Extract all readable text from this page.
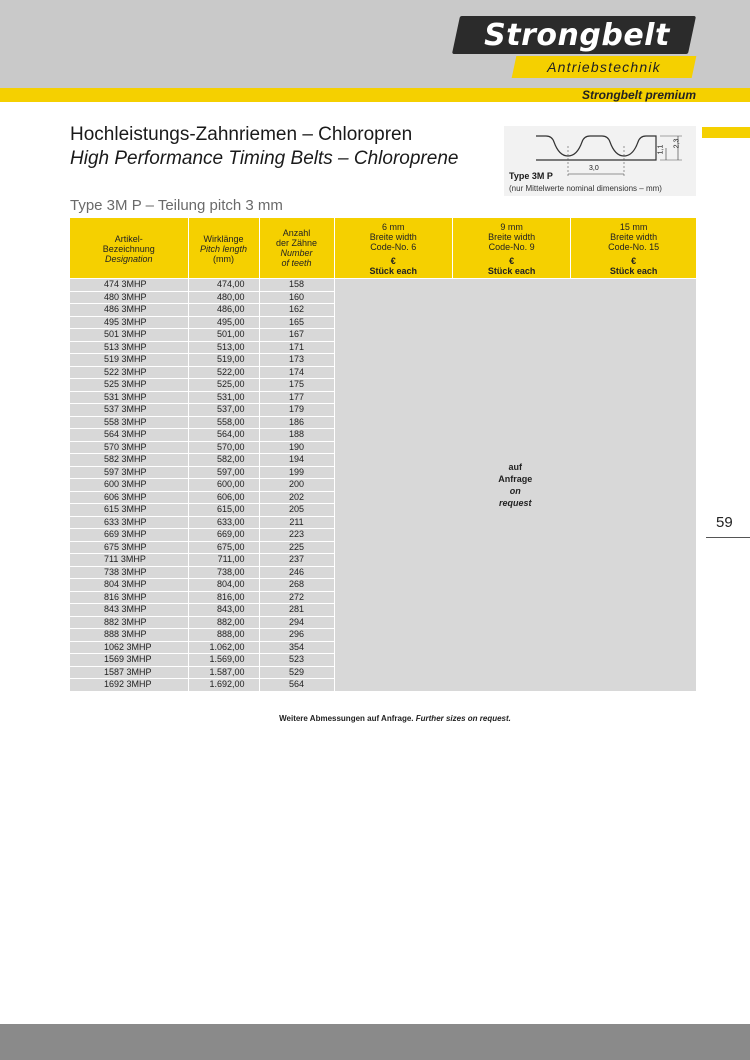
Strongbelt
Antriebstechnik
Strongbelt premium
Hochleistungs-Zahnriemen – Chloropren
High Performance Timing Belts – Chloroprene	3,0
1,1
2,3
Type 3M P
(nur Mittelwerte nominal dimensions – mm)
Type 3M P – Teilung pitch 3 mm
Artikel-
Bezeichnung
Designation	Wirklänge
Pitch length
(mm)	Anzahl
der Zähne
Number
of teeth	6 mm
Breite width
Code-No. 6
€
Stück each	9 mm
Breite width
Code-No. 9
€
Stück each	15 mm
Breite width
Code-No. 15
€
Stück each

474 3MHP	474,00	158	auf
Anfrage
on
request		

480 3MHP	480,00	160			
486 3MHP	486,00	162			
495 3MHP	495,00	165			
501 3MHP	501,00	167			
513 3MHP	513,00	171			
519 3MHP	519,00	173			
522 3MHP	522,00	174			
525 3MHP	525,00	175			
531 3MHP	531,00	177			
537 3MHP	537,00	179			
558 3MHP	558,00	186			
564 3MHP	564,00	188			
570 3MHP	570,00	190			
582 3MHP	582,00	194			
597 3MHP	597,00	199			
600 3MHP	600,00	200			
606 3MHP	606,00	202			
615 3MHP	615,00	205			
633 3MHP	633,00	211			
669 3MHP	669,00	223			
675 3MHP	675,00	225			
711 3MHP	711,00	237			
738 3MHP	738,00	246			
804 3MHP	804,00	268			
816 3MHP	816,00	272			
843 3MHP	843,00	281			
882 3MHP	882,00	294			
888 3MHP	888,00	296			
1062 3MHP	1.062,00	354			
1569 3MHP	1.569,00	523			
1587 3MHP	1.587,00	529			
1692 3MHP	1.692,00	564			
Weitere Abmessungen auf Anfrage. Further sizes on request.
59
